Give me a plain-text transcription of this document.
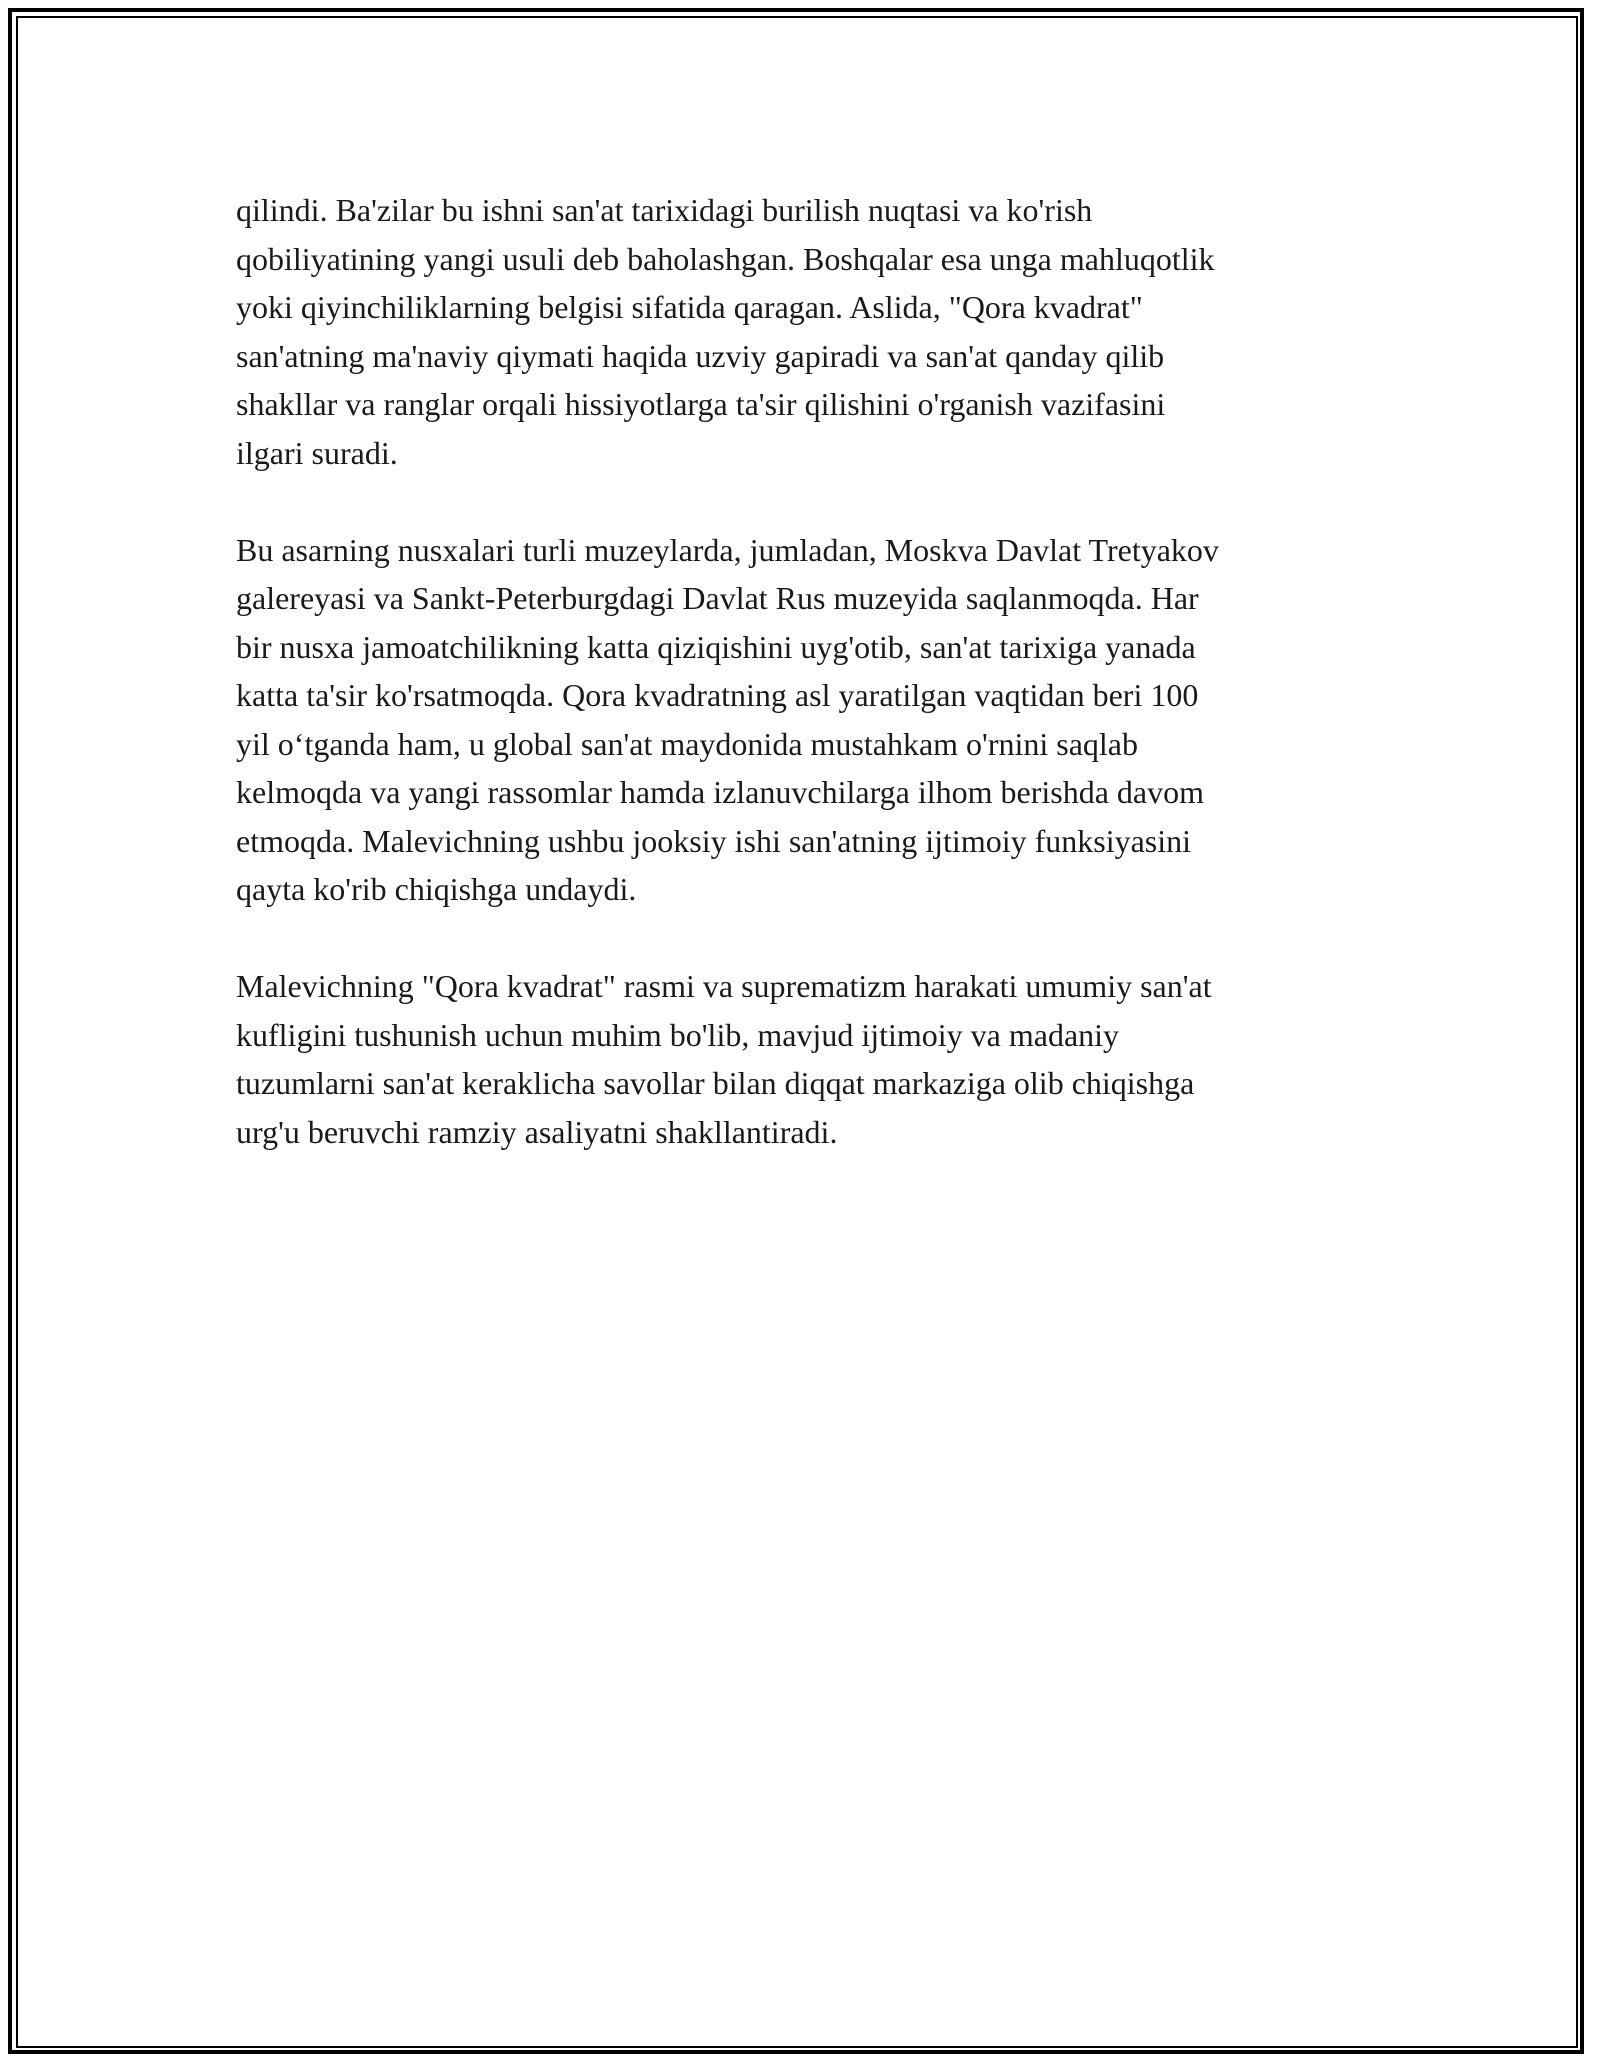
qilindi. Ba'zilar bu ishni san'at tarixidagi burilish nuqtasi va ko'rish
qobiliyatining yangi usuli deb baholashgan. Boshqalar esa unga mahluqotlik
yoki qiyinchiliklarning belgisi sifatida qaragan. Aslida, "Qora kvadrat"
san'atning ma'naviy qiymati haqida uzviy gapiradi va san'at qanday qilib
shakllar va ranglar orqali hissiyotlarga ta'sir qilishini o'rganish vazifasini
ilgari suradi.

Bu asarning nusxalari turli muzeylarda, jumladan, Moskva Davlat Tretyakov
galereyasi va Sankt-Peterburgdagi Davlat Rus muzeyida saqlanmoqda. Har
bir nusxa jamoatchilikning katta qiziqishini uyg'otib, san'at tarixiga yanada
katta ta'sir ko'rsatmoqda. Qora kvadratning asl yaratilgan vaqtidan beri 100
yil o‘tganda ham, u global san'at maydonida mustahkam o'rnini saqlab
kelmoqda va yangi rassomlar hamda izlanuvchilarga ilhom berishda davom
etmoqda. Malevichning ushbu jooksiy ishi san'atning ijtimoiy funksiyasini
qayta ko'rib chiqishga undaydi.

Malevichning "Qora kvadrat" rasmi va suprematizm harakati umumiy san'at
kufligini tushunish uchun muhim bo'lib, mavjud ijtimoiy va madaniy
tuzumlarni san'at keraklicha savollar bilan diqqat markaziga olib chiqishga
urg'u beruvchi ramziy asaliyatni shakllantiradi.
